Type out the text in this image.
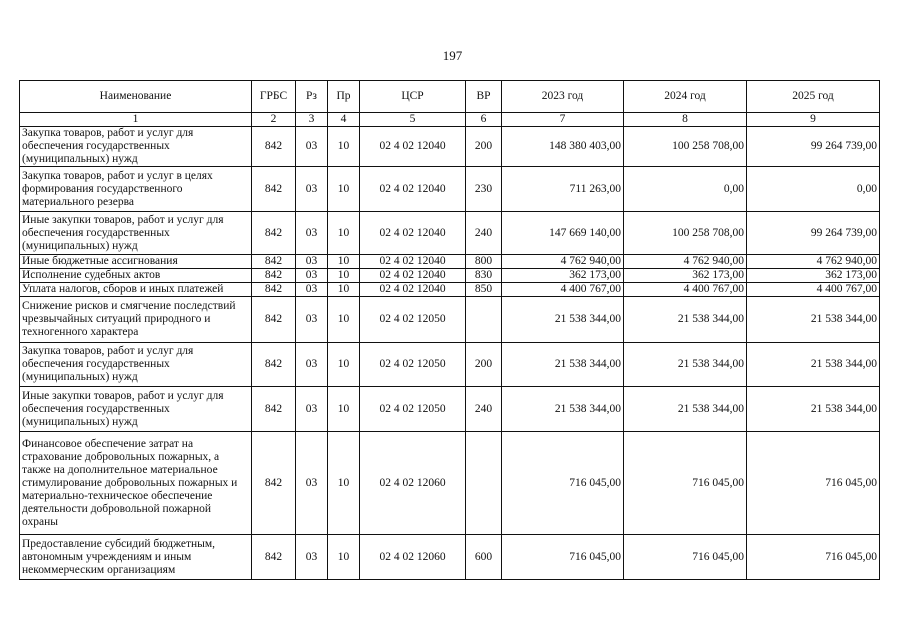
197
Наименование	ГРБС	Рз	Пр	ЦСР	ВР	2023 год	2024 год	2025 год
1	2	3	4	5	6	7	8	9
Закупка товаров, работ и услуг для обеспечения государственных (муниципальных) нужд	842	03	10	02 4 02 12040	200	148 380 403,00	100 258 708,00	99 264 739,00
Закупка товаров, работ и услуг в целях формирования государственного материального резерва	842	03	10	02 4 02 12040	230	711 263,00	0,00	0,00
Иные закупки товаров, работ и услуг для обеспечения государственных (муниципальных) нужд	842	03	10	02 4 02 12040	240	147 669 140,00	100 258 708,00	99 264 739,00
Иные бюджетные ассигнования	842	03	10	02 4 02 12040	800	4 762 940,00	4 762 940,00	4 762 940,00
Исполнение судебных актов	842	03	10	02 4 02 12040	830	362 173,00	362 173,00	362 173,00
Уплата налогов, сборов и иных платежей	842	03	10	02 4 02 12040	850	4 400 767,00	4 400 767,00	4 400 767,00
Снижение рисков и смягчение последствий чрезвычайных ситуаций природного и техногенного характера	842	03	10	02 4 02 12050		21 538 344,00	21 538 344,00	21 538 344,00
Закупка товаров, работ и услуг для обеспечения государственных (муниципальных) нужд	842	03	10	02 4 02 12050	200	21 538 344,00	21 538 344,00	21 538 344,00
Иные закупки товаров, работ и услуг для обеспечения государственных (муниципальных) нужд	842	03	10	02 4 02 12050	240	21 538 344,00	21 538 344,00	21 538 344,00
Финансовое обеспечение затрат на страхование добровольных пожарных, а также на дополнительное материальное стимулирование добровольных пожарных и материально-техническое обеспечение деятельности добровольной пожарной охраны	842	03	10	02 4 02 12060		716 045,00	716 045,00	716 045,00
Предоставление субсидий бюджетным, автономным учреждениям и иным некоммерческим организациям	842	03	10	02 4 02 12060	600	716 045,00	716 045,00	716 045,00
